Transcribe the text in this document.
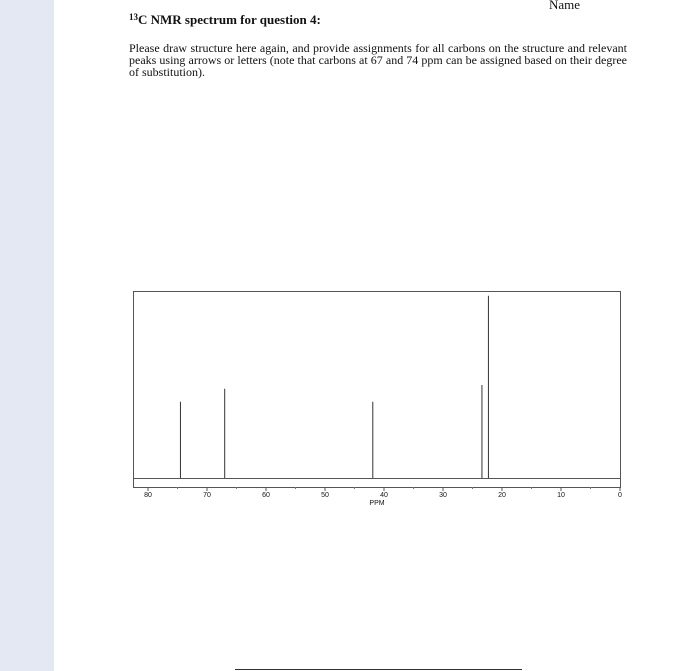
Name
$^{13}$C NMR spectrum for question 4:

Please draw structure here again, and provide assignments for all carbons on the structure and relevant peaks using arrows or letters (note that carbons at 67 and 74 ppm can be assigned based on their degree of substitution).

80	70	60	50	40	30	20	10	0
PPM
